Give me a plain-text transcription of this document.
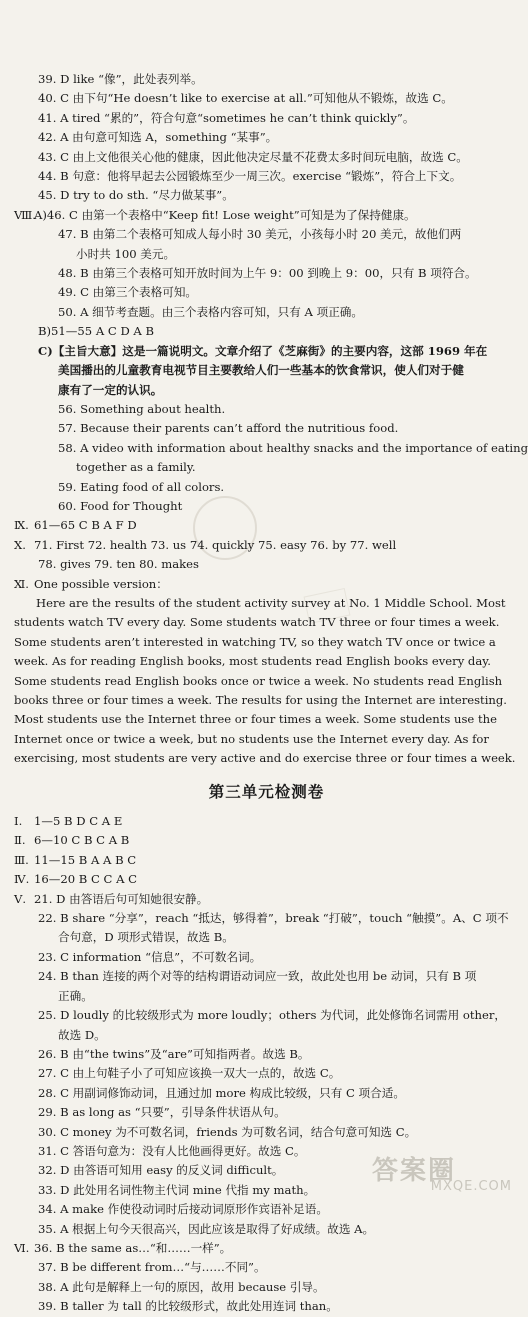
39. D like “像”，此处表列举。
40. C 由下句“He doesn’t like to exercise at all.”可知他从不锻炼，故选 C。
41. A tired “累的”，符合句意“sometimes he can’t think quickly”。
42. A 由句意可知选 A，something “某事”。
43. C 由上文他很关心他的健康，因此他决定尽量不花费太多时间玩电脑，故选 C。
44. B 句意：他将早起去公园锻炼至少一周三次。exercise “锻炼”，符合上下文。
45. D try to do sth. “尽力做某事”。
Ⅷ.A)46. C 由第一个表格中“Keep fit! Lose weight”可知是为了保持健康。
47. B 由第二个表格可知成人每小时 30 美元，小孩每小时 20 美元，故他们两
小时共 100 美元。
48. B 由第三个表格可知开放时间为上午 9：00 到晚上 9：00，只有 B 项符合。
49. C 由第三个表格可知。
50. A 细节考查题。由三个表格内容可知，只有 A 项正确。
B)51—55 A C D A B
C)【主旨大意】这是一篇说明文。文章介绍了《芝麻街》的主要内容，这部 1969 年在
美国播出的儿童教育电视节目主要教给人们一些基本的饮食常识，使人们对于健
康有了一定的认识。
56. Something about health.
57. Because their parents can’t afford the nutritious food.
58. A video with information about healthy snacks and the importance of eating
together as a family.
59. Eating food of all colors.
60. Food for Thought
Ⅸ. 61—65 C B A F D
Ⅹ. 71. First 72. health 73. us 74. quickly 75. easy 76. by 77. well
78. gives 79. ten 80. makes
Ⅺ. One possible version：
Here are the results of the student activity survey at No. 1 Middle School. Most
students watch TV every day. Some students watch TV three or four times a week.
Some students aren’t interested in watching TV, so they watch TV once or twice a
week. As for reading English books, most students read English books every day.
Some students read English books once or twice a week. No students read English
books three or four times a week. The results for using the Internet are interesting.
Most students use the Internet three or four times a week. Some students use the
Internet once or twice a week, but no students use the Internet every day. As for
exercising, most students are very active and do exercise three or four times a week.
第三单元检测卷
Ⅰ. 1—5 B D C A E
Ⅱ. 6—10 C B C A B
Ⅲ. 11—15 B A A B C
Ⅳ. 16—20 B C C A C
Ⅴ. 21. D 由答语后句可知她很安静。
22. B share “分享”，reach “抵达，够得着”，break “打破”，touch “触摸”。A、C 项不
合句意，D 项形式错误，故选 B。
23. C information “信息”，不可数名词。
24. B than 连接的两个对等的结构谓语动词应一致，故此处也用 be 动词，只有 B 项
正确。
25. D loudly 的比较级形式为 more loudly；others 为代词，此处修饰名词需用 other，
故选 D。
26. B 由“the twins”及“are”可知指两者。故选 B。
27. C 由上句鞋子小了可知应该换一双大一点的，故选 C。
28. C 用副词修饰动词，且通过加 more 构成比较级，只有 C 项合适。
29. B as long as “只要”，引导条件状语从句。
30. C money 为不可数名词，friends 为可数名词，结合句意可知选 C。
31. C 答语句意为：没有人比他画得更好。故选 C。
32. D 由答语可知用 easy 的反义词 difficult。
33. D 此处用名词性物主代词 mine 代指 my math。
34. A make 作使役动词时后接动词原形作宾语补足语。
35. A 根据上句今天很高兴，因此应该是取得了好成绩。故选 A。
Ⅵ. 36. B the same as…“和……一样”。
37. B be different from…“与……不同”。
38. A 此句是解释上一句的原因，故用 because 引导。
39. B taller 为 tall 的比较级形式，故此处用连词 than。
答案圈
MXQE.COM
